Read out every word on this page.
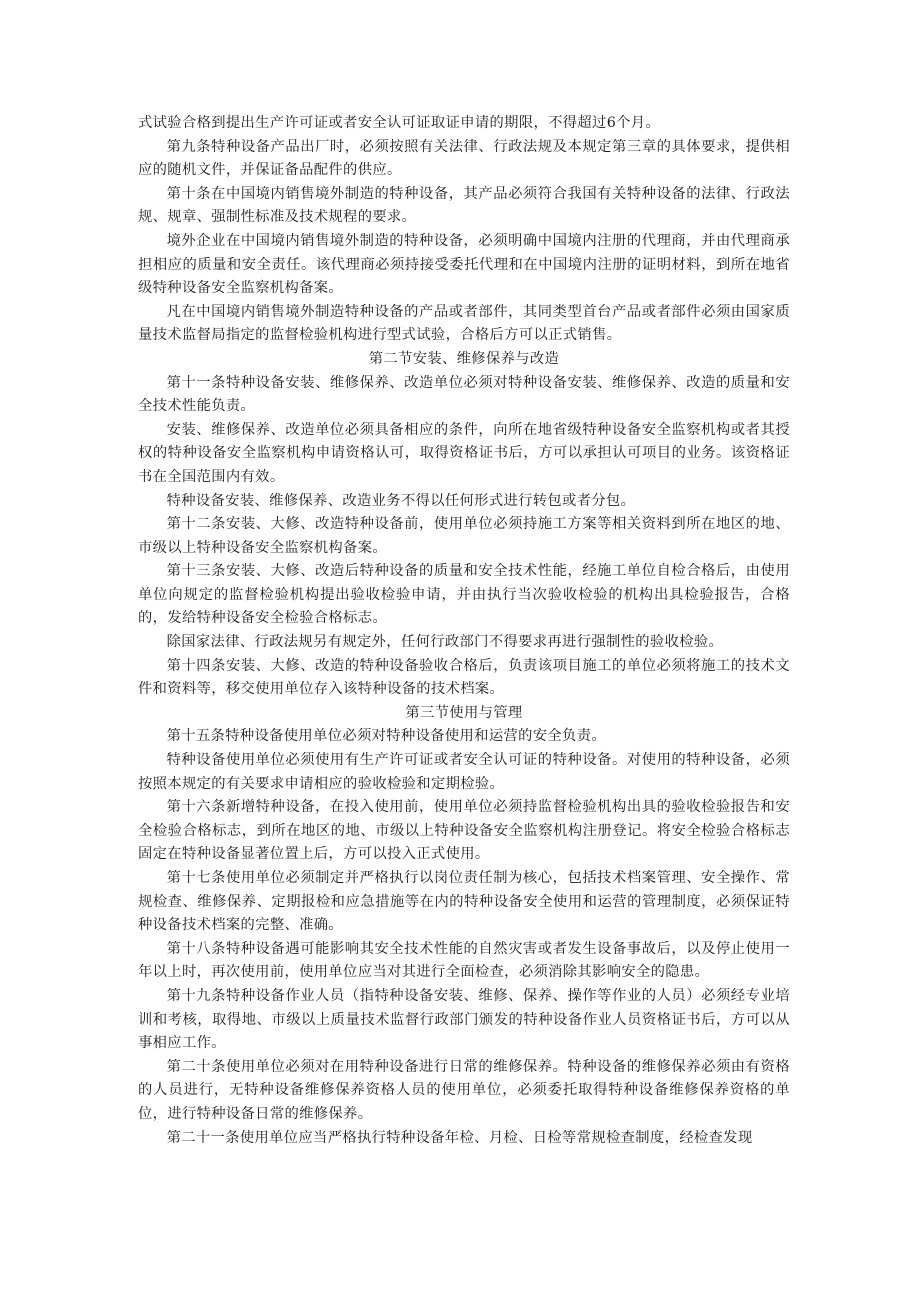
式试验合格到提出生产许可证或者安全认可证取证申请的期限，不得超过6个月。

第九条特种设备产品出厂时，必须按照有关法律、行政法规及本规定第三章的具体要求，提供相应的随机文件，并保证备品配件的供应。

第十条在中国境内销售境外制造的特种设备，其产品必须符合我国有关特种设备的法律、行政法规、规章、强制性标准及技术规程的要求。

境外企业在中国境内销售境外制造的特种设备，必须明确中国境内注册的代理商，并由代理商承担相应的质量和安全责任。该代理商必须持接受委托代理和在中国境内注册的证明材料，到所在地省级特种设备安全监察机构备案。

凡在中国境内销售境外制造特种设备的产品或者部件，其同类型首台产品或者部件必须由国家质量技术监督局指定的监督检验机构进行型式试验，合格后方可以正式销售。

第二节安装、维修保养与改造

第十一条特种设备安装、维修保养、改造单位必须对特种设备安装、维修保养、改造的质量和安全技术性能负责。

安装、维修保养、改造单位必须具备相应的条件，向所在地省级特种设备安全监察机构或者其授权的特种设备安全监察机构申请资格认可，取得资格证书后，方可以承担认可项目的业务。该资格证书在全国范围内有效。

特种设备安装、维修保养、改造业务不得以任何形式进行转包或者分包。

第十二条安装、大修、改造特种设备前，使用单位必须持施工方案等相关资料到所在地区的地、市级以上特种设备安全监察机构备案。

第十三条安装、大修、改造后特种设备的质量和安全技术性能，经施工单位自检合格后，由使用单位向规定的监督检验机构提出验收检验申请，并由执行当次验收检验的机构出具检验报告，合格的，发给特种设备安全检验合格标志。

除国家法律、行政法规另有规定外，任何行政部门不得要求再进行强制性的验收检验。

第十四条安装、大修、改造的特种设备验收合格后，负责该项目施工的单位必须将施工的技术文件和资料等，移交使用单位存入该特种设备的技术档案。

第三节使用与管理

第十五条特种设备使用单位必须对特种设备使用和运营的安全负责。

特种设备使用单位必须使用有生产许可证或者安全认可证的特种设备。对使用的特种设备，必须按照本规定的有关要求申请相应的验收检验和定期检验。

第十六条新增特种设备，在投入使用前，使用单位必须持监督检验机构出具的验收检验报告和安全检验合格标志，到所在地区的地、市级以上特种设备安全监察机构注册登记。将安全检验合格标志固定在特种设备显著位置上后，方可以投入正式使用。

第十七条使用单位必须制定并严格执行以岗位责任制为核心，包括技术档案管理、安全操作、常规检查、维修保养、定期报检和应急措施等在内的特种设备安全使用和运营的管理制度，必须保证特种设备技术档案的完整、准确。

第十八条特种设备遇可能影响其安全技术性能的自然灾害或者发生设备事故后，以及停止使用一年以上时，再次使用前，使用单位应当对其进行全面检查，必须消除其影响安全的隐患。

第十九条特种设备作业人员（指特种设备安装、维修、保养、操作等作业的人员）必须经专业培训和考核，取得地、市级以上质量技术监督行政部门颁发的特种设备作业人员资格证书后，方可以从事相应工作。

第二十条使用单位必须对在用特种设备进行日常的维修保养。特种设备的维修保养必须由有资格的人员进行，无特种设备维修保养资格人员的使用单位，必须委托取得特种设备维修保养资格的单位，进行特种设备日常的维修保养。

第二十一条使用单位应当严格执行特种设备年检、月检、日检等常规检查制度，经检查发现
